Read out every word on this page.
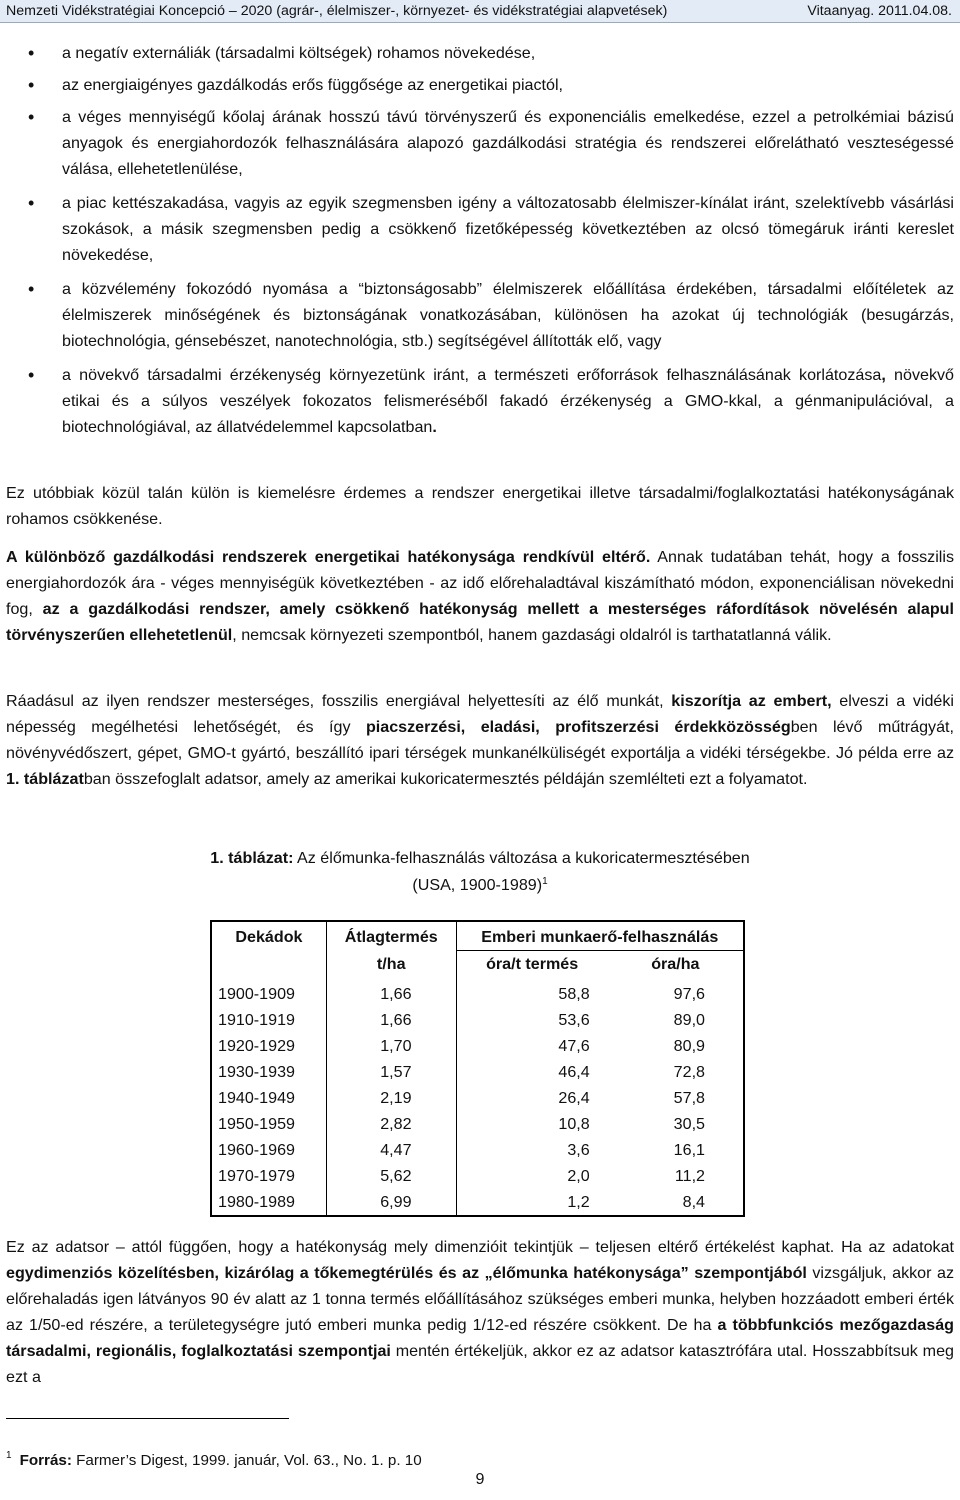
Nemzeti Vidékstratégiai Koncepció – 2020 (agrár-, élelmiszer-, környezet- és vidékstratégiai alapvetések)	Vitaanyag. 2011.04.08.
• a negatív externáliák (társadalmi költségek) rohamos növekedése,
• az energiaigényes gazdálkodás erős függősége az energetikai piactól,
• a véges mennyiségű kőolaj árának hosszú távú törvényszerű és exponenciális emelkedése, ezzel a petrolkémiai bázisú anyagok és energiahordozók felhasználására alapozó gazdálkodási stratégia és rendszerei előrelátható veszteségessé válása, ellehetetlenülése,
• a piac kettészakadása, vagyis az egyik szegmensben igény a változatosabb élelmiszer-kínálat iránt, szelektívebb vásárlási szokások, a másik szegmensben pedig a csökkenő fizetőképesség következtében az olcsó tömegáruk iránti kereslet növekedése,
• a közvélemény fokozódó nyomása a “biztonságosabb” élelmiszerek előállítása érdekében, társadalmi előítéletek az élelmiszerek minőségének és biztonságának vonatkozásában, különösen ha azokat új technológiák (besugárzás, biotechnológia, génsebészet, nanotechnológia, stb.) segítségével állították elő, vagy
• a növekvő társadalmi érzékenység környezetünk iránt, a természeti erőforrások felhasználásának korlátozása, növekvő etikai és a súlyos veszélyek fokozatos felismeréséből fakadó érzékenység a GMO-kkal, a génmanipulációval, a biotechnológiával, az állatvédelemmel kapcsolatban.

Ez utóbbiak közül talán külön is kiemelésre érdemes a rendszer energetikai illetve társadalmi/foglalkoztatási hatékonyságának rohamos csökkenése.

A különböző gazdálkodási rendszerek energetikai hatékonysága rendkívül eltérő. Annak tudatában tehát, hogy a fosszilis energiahordozók ára - véges mennyiségük következtében - az idő előrehaladtával kiszámítható módon, exponenciálisan növekedni fog, az a gazdálkodási rendszer, amely csökkenő hatékonyság mellett a mesterséges ráfordítások növelésén alapul törvényszerűen ellehetetlenül, nemcsak környezeti szempontból, hanem gazdasági oldalról is tarthatatlanná válik.

Ráadásul az ilyen rendszer mesterséges, fosszilis energiával helyettesíti az élő munkát, kiszorítja az embert, elveszi a vidéki népesség megélhetési lehetőségét, és így piacszerzési, eladási, profitszerzési érdekközösségben lévő műtrágyát, növényvédőszert, gépet, GMO-t gyártó, beszállító ipari térségek munkanélküliségét exportálja a vidéki térségekbe. Jó példa erre az 1. táblázatban összefoglalt adatsor, amely az amerikai kukoricatermesztés példáján szemlélteti ezt a folyamatot.

1. táblázat: Az élőmunka-felhasználás változása a kukoricatermesztésében
(USA, 1900-1989)$^1$
Dekádok	Átlagtermés	Emberi munkaerő-felhasználás	
	t/ha	óra/t termés	óra/ha
1900-1909	1,66	58,8	97,6
1910-1919	1,66	53,6	89,0
1920-1929	1,70	47,6	80,9
1930-1939	1,57	46,4	72,8
1940-1949	2,19	26,4	57,8
1950-1959	2,82	10,8	30,5
1960-1969	4,47	3,6	16,1
1970-1979	5,62	2,0	11,2
1980-1989	6,99	1,2	8,4

Ez az adatsor – attól függően, hogy a hatékonyság mely dimenzióit tekintjük – teljesen eltérő értékelést kaphat. Ha az adatokat egydimenziós közelítésben, kizárólag a tőkemegtérülés és az „élőmunka hatékonysága” szempontjából vizsgáljuk, akkor az előrehaladás igen látványos 90 év alatt az 1 tonna termés előállításához szükséges emberi munka, helyben hozzáadott emberi érték az 1/50-ed részére, a területegységre jutó emberi munka pedig 1/12-ed részére csökkent. De ha a többfunkciós mezőgazdaság társadalmi, regionális, foglalkoztatási szempontjai mentén értékeljük, akkor ez az adatsor katasztrófára utal. Hosszabbítsuk meg ezt a

$^1$ Forrás: Farmer’s Digest, 1999. január, Vol. 63., No. 1. p. 10
9
